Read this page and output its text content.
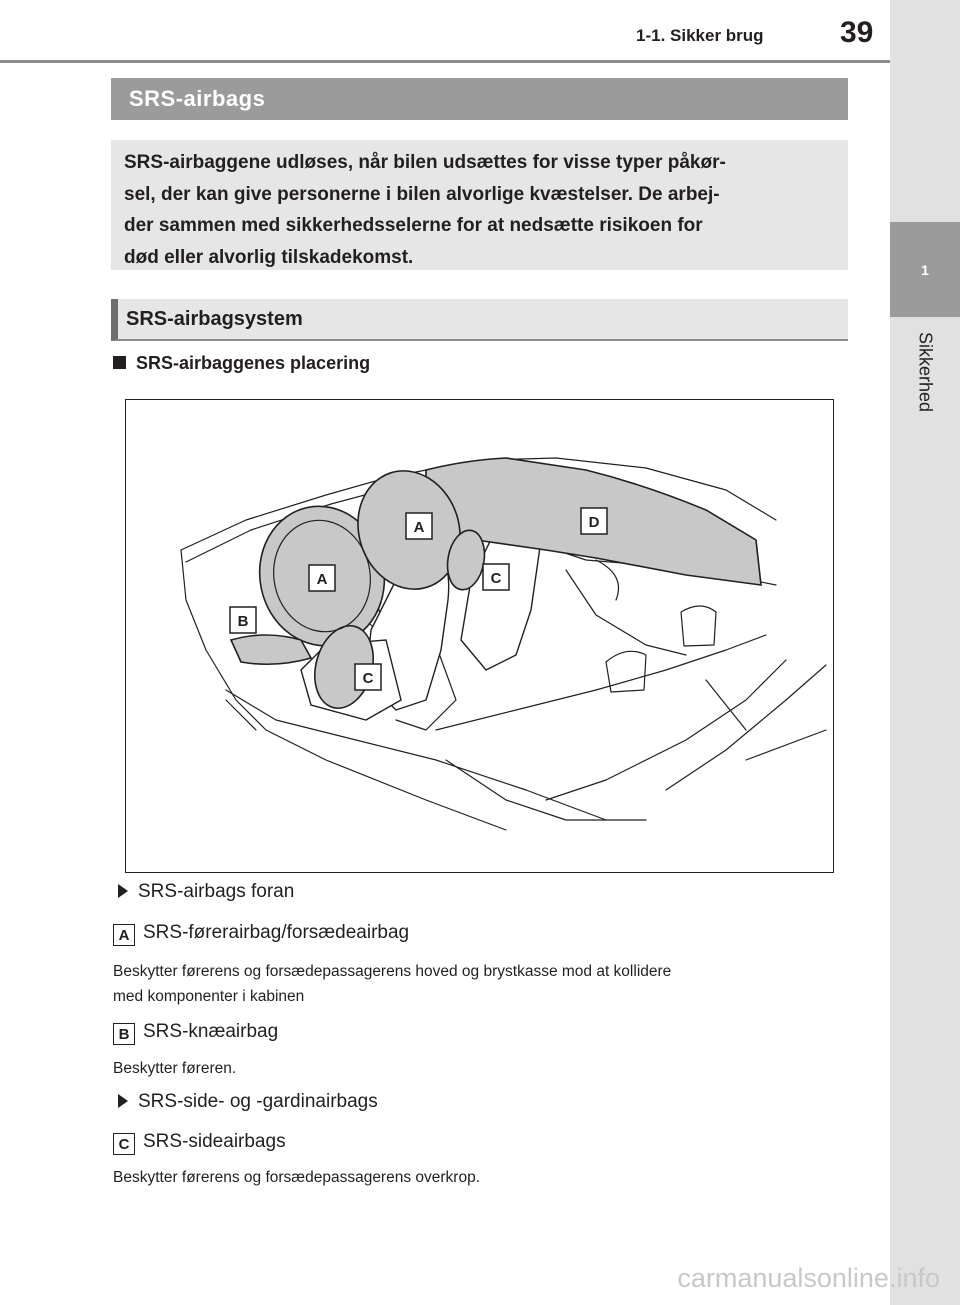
1-1. Sikker brug	39
1
Sikkerhed
SRS-airbags
SRS-airbaggene udløses, når bilen udsættes for visse typer påkør-
sel, der kan give personerne i bilen alvorlige kvæstelser. De arbej-
der sammen med sikkerhedsselerne for at nedsætte risikoen for
død eller alvorlig tilskadekomst.
SRS-airbagsystem
SRS-airbaggenes placering
A
A
B
C
C
D
SRS-airbags foran
A SRS-førerairbag/forsædeairbag
Beskytter førerens og forsædepassagerens hoved og brystkasse mod at kollidere
med komponenter i kabinen
B SRS-knæairbag
Beskytter føreren.
SRS-side- og -gardinairbags
C SRS-sideairbags
Beskytter førerens og forsædepassagerens overkrop.
carmanualsonline.info
